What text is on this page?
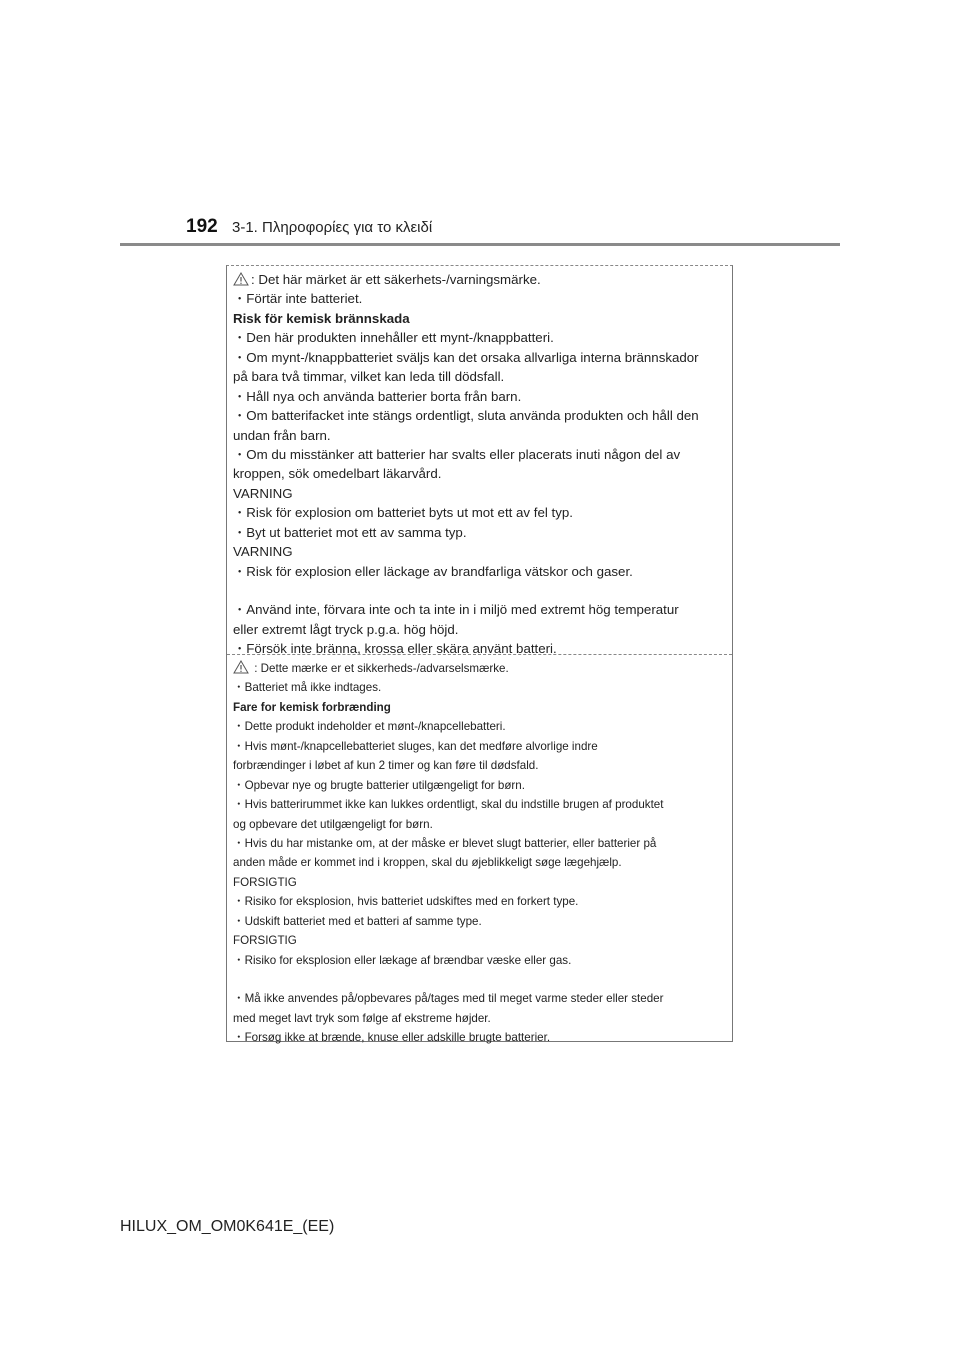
192 3-1. Πληροφορίες για το κλειδί
: Det här märket är ett säkerhets-/varningsmärke.
・Förtär inte batteriet.
Risk för kemisk brännskada
・Den här produkten innehåller ett mynt-/knappbatteri.
・Om mynt-/knappbatteriet sväljs kan det orsaka allvarliga interna brännskador
på bara två timmar, vilket kan leda till dödsfall.
・Håll nya och använda batterier borta från barn.
・Om batterifacket inte stängs ordentligt, sluta använda produkten och håll den
undan från barn.
・Om du misstänker att batterier har svalts eller placerats inuti någon del av
kroppen, sök omedelbart läkarvård.
VARNING
・Risk för explosion om batteriet byts ut mot ett av fel typ.
・Byt ut batteriet mot ett av samma typ.
VARNING
・Risk för explosion eller läckage av brandfarliga vätskor och gaser.
・Använd inte, förvara inte och ta inte in i miljö med extremt hög temperatur
eller extremt lågt tryck p.g.a. hög höjd.
・Försök inte bränna, krossa eller skära använt batteri.
: Dette mærke er et sikkerheds-/advarselsmærke.
・Batteriet må ikke indtages.
Fare for kemisk forbrænding
・Dette produkt indeholder et mønt-/knapcellebatteri.
・Hvis mønt-/knapcellebatteriet sluges, kan det medføre alvorlige indre
forbrændinger i løbet af kun 2 timer og kan føre til dødsfald.
・Opbevar nye og brugte batterier utilgængeligt for børn.
・Hvis batterirummet ikke kan lukkes ordentligt, skal du indstille brugen af produktet
og opbevare det utilgængeligt for børn.
・Hvis du har mistanke om, at der måske er blevet slugt batterier, eller batterier på
anden måde er kommet ind i kroppen, skal du øjeblikkeligt søge lægehjælp.
FORSIGTIG
・Risiko for eksplosion, hvis batteriet udskiftes med en forkert type.
・Udskift batteriet med et batteri af samme type.
FORSIGTIG
・Risiko for eksplosion eller lækage af brændbar væske eller gas.
・Må ikke anvendes på/opbevares på/tages med til meget varme steder eller steder
med meget lavt tryk som følge af ekstreme højder.
・Forsøg ikke at brænde, knuse eller adskille brugte batterier.
HILUX_OM_OM0K641E_(EE)
